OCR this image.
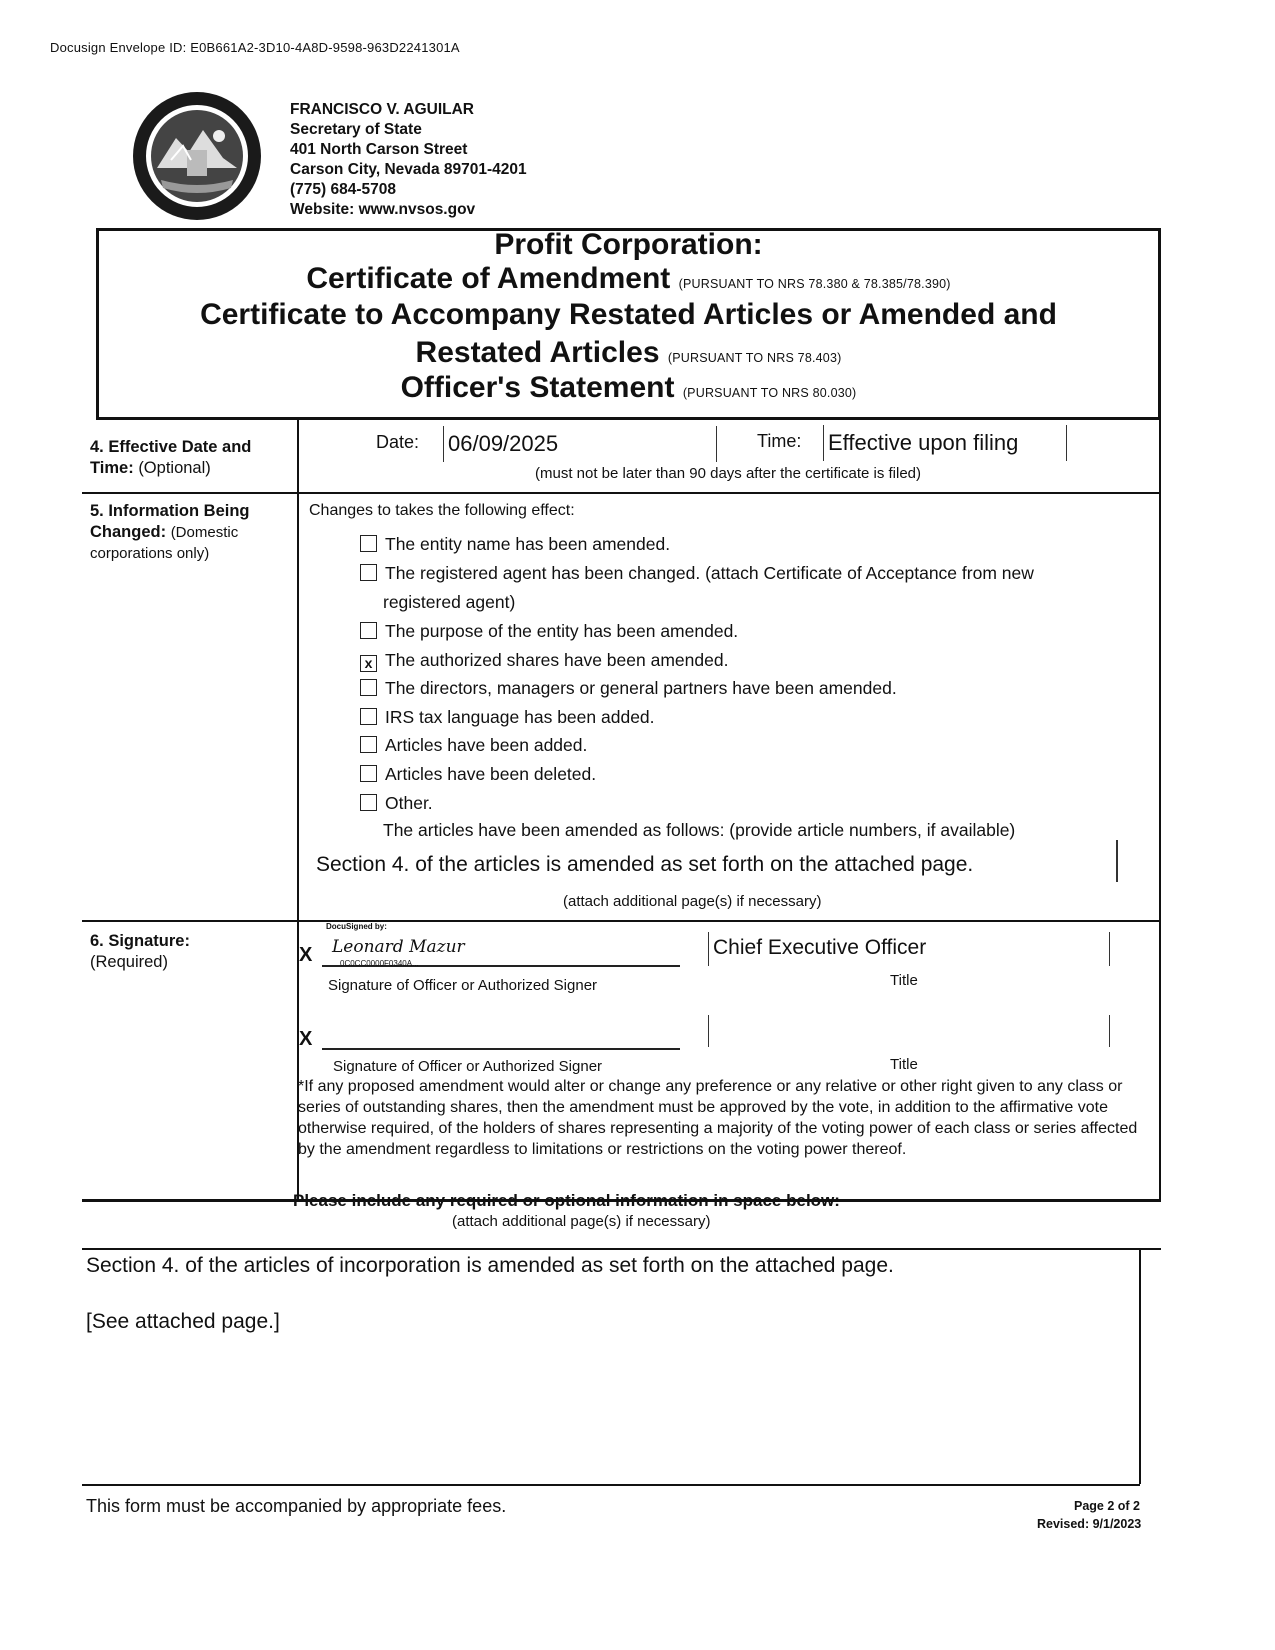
Docusign Envelope ID: E0B661A2-3D10-4A8D-9598-963D2241301A
FRANCISCO V. AGUILAR
Secretary of State
401 North Carson Street
Carson City, Nevada 89701-4201
(775) 684-5708
Website: www.nvsos.gov
Profit Corporation:
Certificate of Amendment (PURSUANT TO NRS 78.380 & 78.385/78.390)
Certificate to Accompany Restated Articles or Amended and
Restated Articles (PURSUANT TO NRS 78.403)
Officer's Statement (PURSUANT TO NRS 80.030)
4. Effective Date and
Time: (Optional)
Date: 06/09/2025	Time: Effective upon filing
(must not be later than 90 days after the certificate is filed)
5. Information Being
Changed: (Domestic
corporations only)
Changes to takes the following effect:
The entity name has been amended.
The registered agent has been changed. (attach Certificate of Acceptance from new
registered agent)
The purpose of the entity has been amended.
x The authorized shares have been amended.
The directors, managers or general partners have been amended.
IRS tax language has been added.
Articles have been added.
Articles have been deleted.
Other.
The articles have been amended as follows: (provide article numbers, if available)
Section 4. of the articles is amended as set forth on the attached page.
(attach additional page(s) if necessary)
6. Signature:
(Required)	X
DocuSigned by:
Leonard Mazur
0C0CC0000F0340A...
Chief Executive Officer
Signature of Officer or Authorized Signer	Title
X
Signature of Officer or Authorized Signer	Title
*If any proposed amendment would alter or change any preference or any relative or other right given to any class or series of outstanding shares, then the amendment must be approved by the vote, in addition to the affirmative vote otherwise required, of the holders of shares representing a majority of the voting power of each class or series affected by the amendment regardless to limitations or restrictions on the voting power thereof.
Please include any required or optional information in space below:
(attach additional page(s) if necessary)
Section 4. of the articles of incorporation is amended as set forth on the attached page.
[See attached page.]
This form must be accompanied by appropriate fees.	Page 2 of 2
Revised: 9/1/2023
